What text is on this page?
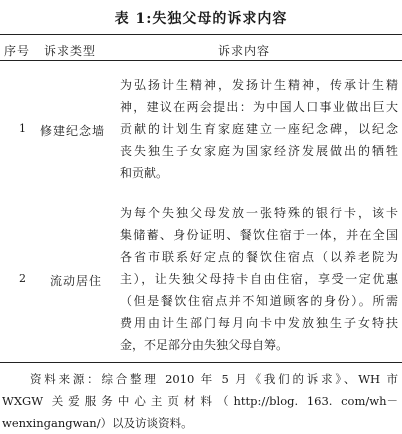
表 1:失独父母的诉求内容
序号 诉求类型	诉求内容
1 修建纪念墙
为弘扬计生精神，发扬计生精神，传承计生精
神，建议在两会提出：为中国人口事业做出巨大
贡献的计划生育家庭建立一座纪念碑，以纪念
丧失独生子女家庭为国家经济发展做出的牺牲
和贡献。
2 流动居住
为每个失独父母发放一张特殊的银行卡，该卡
集储蓄、身份证明、餐饮住宿于一体，并在全国
各省市联系好定点的餐饮住宿点（以养老院为
主），让失独父母持卡自由住宿，享受一定优惠
（但是餐饮住宿点并不知道顾客的身份）。所需
费用由计生部门每月向卡中发放独生子女特扶
金，不足部分由失独父母自筹。
资料来源：综合整理 2010 年 5 月《我们的诉求》、WH 市
WXGW 关爱服务中心主页材料（http://blog. 163. com/wh－
wenxingangwan/）以及访谈资料。
